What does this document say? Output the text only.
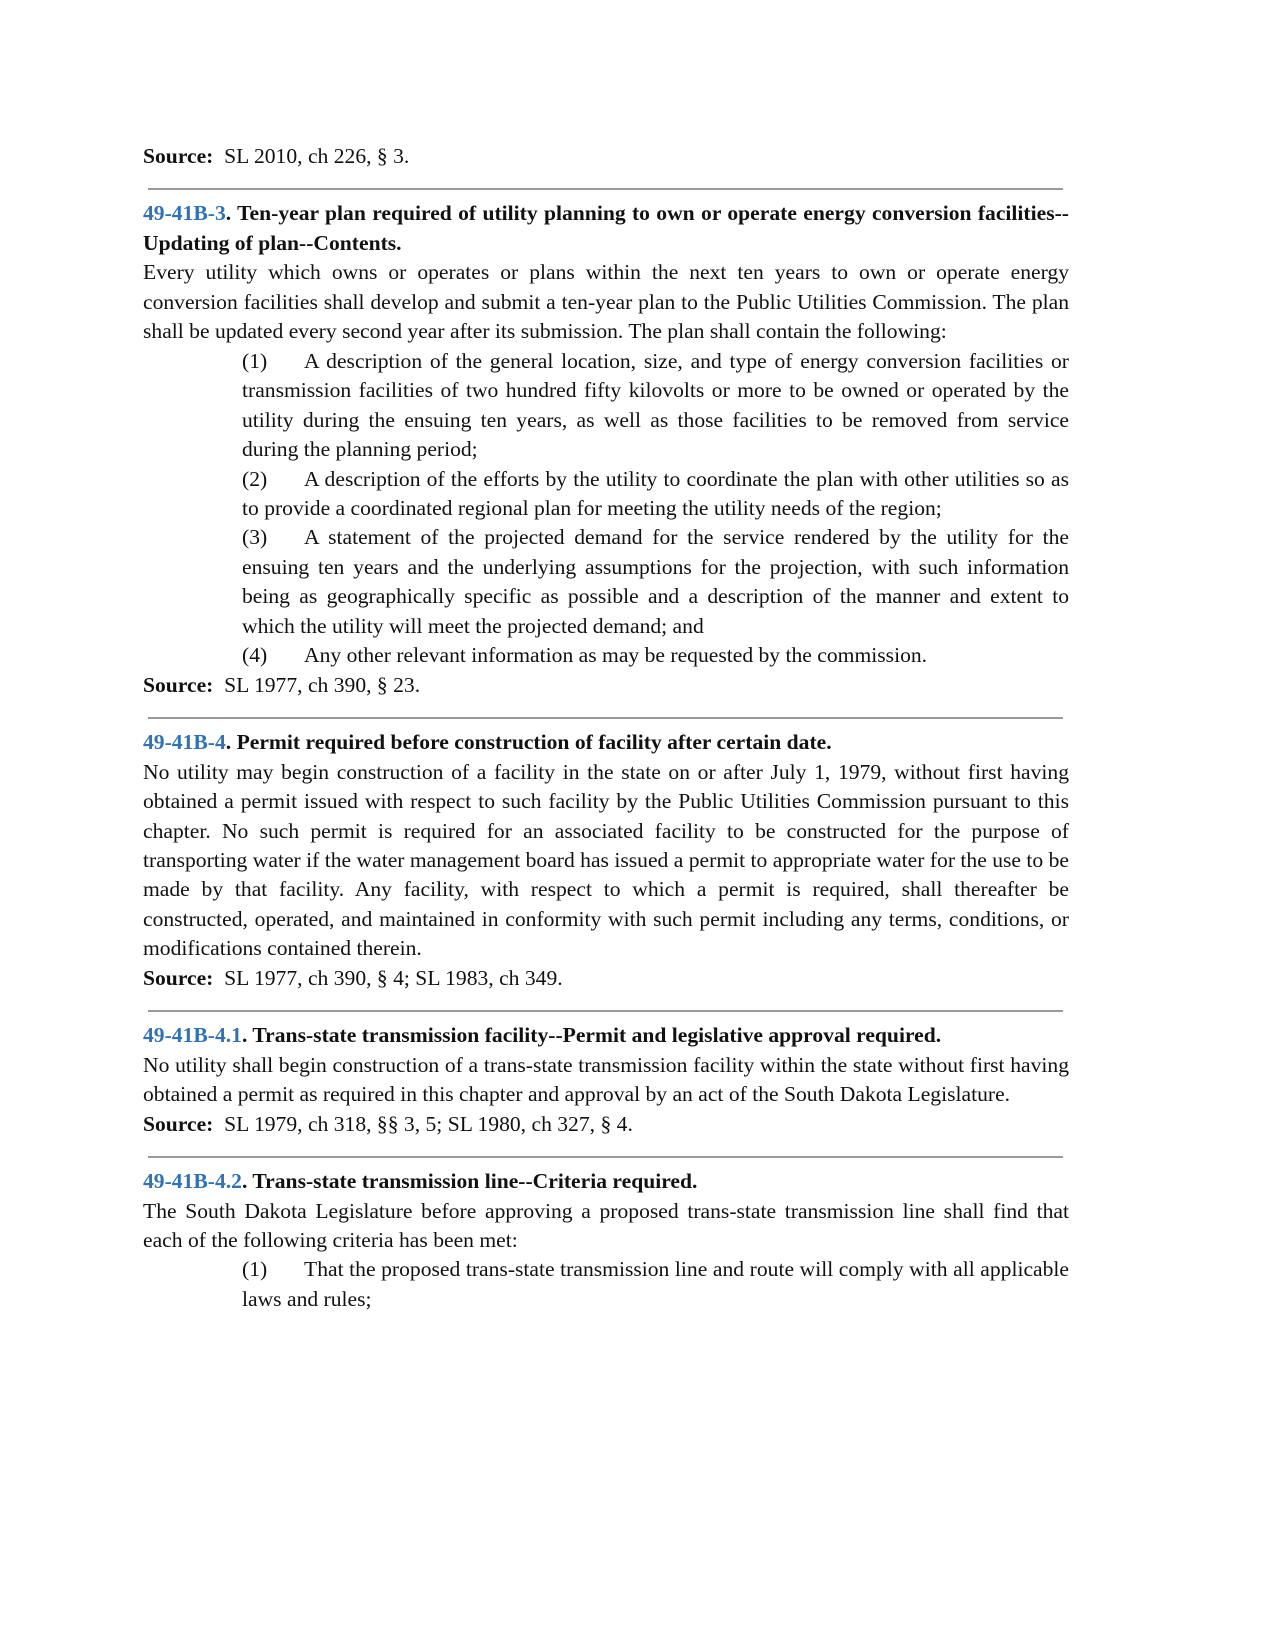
Source: SL 2010, ch 226, § 3.

49-41B-3. Ten-year plan required of utility planning to own or operate energy conversion facilities--Updating of plan--Contents.

Every utility which owns or operates or plans within the next ten years to own or operate energy conversion facilities shall develop and submit a ten-year plan to the Public Utilities Commission. The plan shall be updated every second year after its submission. The plan shall contain the following:

(1) A description of the general location, size, and type of energy conversion facilities or transmission facilities of two hundred fifty kilovolts or more to be owned or operated by the utility during the ensuing ten years, as well as those facilities to be removed from service during the planning period;

(2) A description of the efforts by the utility to coordinate the plan with other utilities so as to provide a coordinated regional plan for meeting the utility needs of the region;

(3) A statement of the projected demand for the service rendered by the utility for the ensuing ten years and the underlying assumptions for the projection, with such information being as geographically specific as possible and a description of the manner and extent to which the utility will meet the projected demand; and

(4) Any other relevant information as may be requested by the commission.

Source: SL 1977, ch 390, § 23.

49-41B-4. Permit required before construction of facility after certain date.

No utility may begin construction of a facility in the state on or after July 1, 1979, without first having obtained a permit issued with respect to such facility by the Public Utilities Commission pursuant to this chapter. No such permit is required for an associated facility to be constructed for the purpose of transporting water if the water management board has issued a permit to appropriate water for the use to be made by that facility. Any facility, with respect to which a permit is required, shall thereafter be constructed, operated, and maintained in conformity with such permit including any terms, conditions, or modifications contained therein.

Source: SL 1977, ch 390, § 4; SL 1983, ch 349.

49-41B-4.1. Trans-state transmission facility--Permit and legislative approval required.

No utility shall begin construction of a trans-state transmission facility within the state without first having obtained a permit as required in this chapter and approval by an act of the South Dakota Legislature.

Source: SL 1979, ch 318, §§ 3, 5; SL 1980, ch 327, § 4.

49-41B-4.2. Trans-state transmission line--Criteria required.

The South Dakota Legislature before approving a proposed trans-state transmission line shall find that each of the following criteria has been met:

(1) That the proposed trans-state transmission line and route will comply with all applicable laws and rules;
